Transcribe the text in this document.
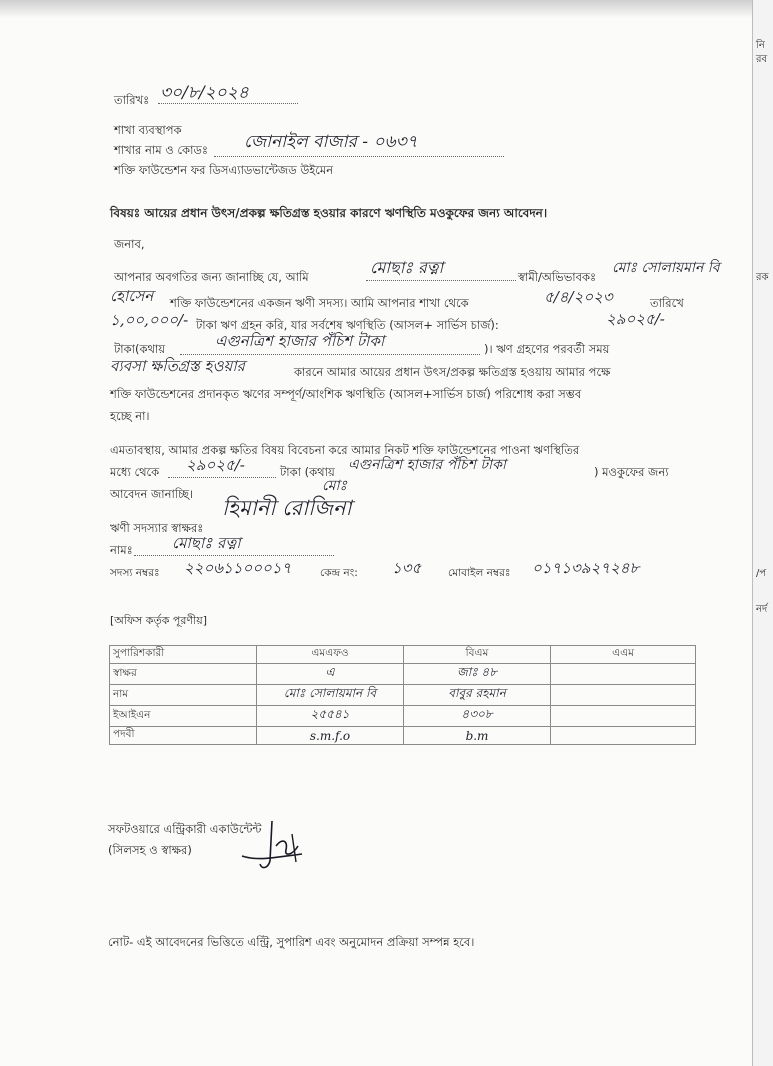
তারিখঃ ৩০/৮/২০২৪
শাখা ব্যবস্থাপক
শাখার নাম ও কোডঃ জোনাইল বাজার - ০৬৩৭
শক্তি ফাউন্ডেশন ফর ডিসএ্যাডভান্টেজড উইমেন
বিষয়ঃ আয়ের প্রধান উৎস/প্রকল্প ক্ষতিগ্রস্ত হওয়ার কারণে ঋণস্থিতি মওকুফের জন্য আবেদন।
জনাব,
আপনার অবগতির জন্য জানাচ্ছি যে, আমি	মোছাঃ রত্না	স্বামী/অভিভাবকঃ
মোঃ সোলায়মান বি
হোসেন শক্তি ফাউন্ডেশনের একজন ঋণী সদস্য। আমি আপনার শাখা থেকে	৫/৪/২০২৩	তারিখে
১,০০,০০০/- টাকা ঋণ গ্রহন করি, যার সর্বশেষ ঋণস্থিতি (আসল+ সার্ভিস চার্জ):	২৯০২৫/-
টাকা(কথায়	এগুনত্রিশ হাজার পঁচিশ টাকা	)। ঋণ গ্রহণের পরবর্তী সময়
ব্যবসা ক্ষতিগ্রস্ত হওয়ার	কারনে আমার আয়ের প্রধান উৎস/প্রকল্প ক্ষতিগ্রস্ত হওয়ায় আমার পক্ষে
শক্তি ফাউন্ডেশনের প্রদানকৃত ঋণের সম্পূর্ণ/আংশিক ঋণস্থিতি (আসল+সার্ভিস চার্জ) পরিশোধ করা সম্ভব
হচ্ছে না।
এমতাবস্থায়, আমার প্রকল্প ক্ষতির বিষয় বিবেচনা করে আমার নিকট শক্তি ফাউন্ডেশনের পাওনা ঋণস্থিতির
মধ্যে থেকে ২৯০২৫/-	টাকা (কথায় এগুনত্রিশ হাজার পঁচিশ টাকা	) মওকুফের জন্য
আবেদন জানাচ্ছি।	মোঃ
হিমানী রোজিনা
ঋণী সদস্যার স্বাক্ষরঃ
নামঃ	মোছাঃ রত্না
সদস্য নম্বরঃ ২২০৬১১০০০১৭	কেন্দ্র নং: ১৩৫	মোবাইল নম্বরঃ ০১৭১৩৯২৭২৪৮
[অফিস কর্তৃক পূরণীয়]
সুপারিশকারী	এমএফও	বিএম	এএম
স্বাক্ষর	এ	জাঃ ৪৮	

নাম	মোঃ সোলায়মান বি	বাবুর রহমান	

ইআইএন	২৫৫৪১	৪৩০৮	

পদবী	s.m.f.o	b.m	

সফটওয়ারে এন্ট্রিকারী একাউন্টেন্ট
(সিলসহ ও স্বাক্ষর)
নোট- এই আবেদনের ভিত্তিতে এন্ট্রি, সুপারিশ এবং অনুমোদন প্রক্রিয়া সম্পন্ন হবে।
নি
রব
রক
/প
নর্দ
